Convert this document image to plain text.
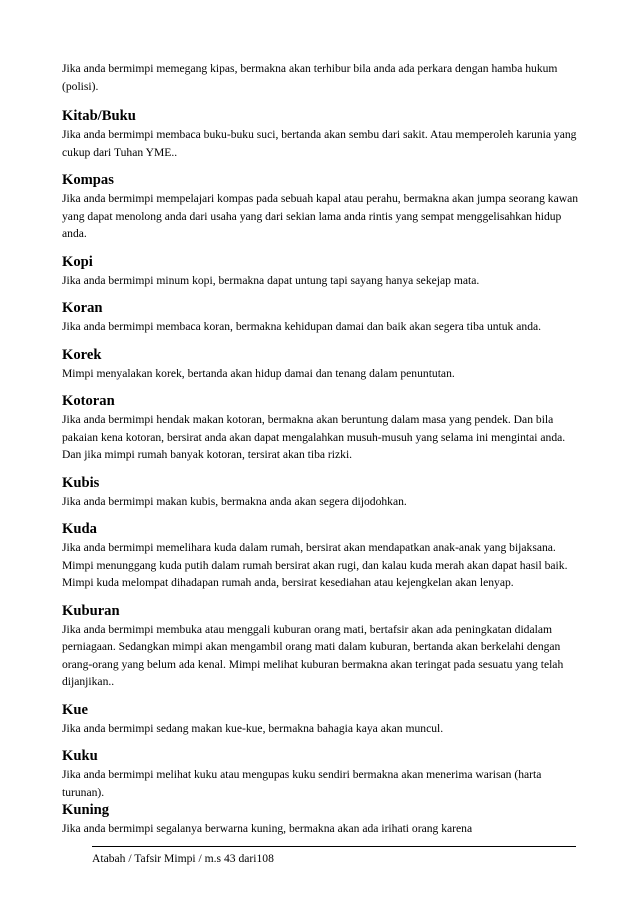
Jika anda bermimpi memegang kipas, bermakna akan terhibur bila anda ada perkara dengan hamba hukum (polisi).

Kitab/Buku

Jika anda bermimpi membaca buku-buku suci, bertanda akan sembu dari sakit. Atau memperoleh karunia yang cukup dari Tuhan YME..

Kompas

Jika anda bermimpi mempelajari kompas pada sebuah kapal atau perahu, bermakna akan jumpa seorang kawan yang dapat menolong anda dari usaha yang dari sekian lama anda rintis yang sempat menggelisahkan hidup anda.

Kopi

Jika anda bermimpi minum kopi, bermakna dapat untung tapi sayang hanya sekejap mata.

Koran

Jika anda bermimpi membaca koran, bermakna kehidupan damai dan baik akan segera tiba untuk anda.

Korek

Mimpi menyalakan korek, bertanda akan hidup damai dan tenang dalam penuntutan.

Kotoran

Jika anda bermimpi hendak makan kotoran, bermakna akan beruntung dalam masa yang pendek. Dan bila pakaian kena kotoran, bersirat anda akan dapat mengalahkan musuh-musuh yang selama ini mengintai anda. Dan jika mimpi rumah banyak kotoran, tersirat akan tiba rizki.

Kubis

Jika anda bermimpi makan kubis, bermakna anda akan segera dijodohkan.

Kuda

Jika anda bermimpi memelihara kuda dalam rumah, bersirat akan mendapatkan anak-anak yang bijaksana. Mimpi menunggang kuda putih dalam rumah bersirat akan rugi, dan kalau kuda merah akan dapat hasil baik. Mimpi kuda melompat dihadapan rumah anda, bersirat kesediahan atau kejengkelan akan lenyap.

Kuburan

Jika anda bermimpi membuka atau menggali kuburan orang mati, bertafsir akan ada peningkatan didalam perniagaan. Sedangkan mimpi akan mengambil orang mati dalam kuburan, bertanda akan berkelahi dengan orang-orang yang belum ada kenal. Mimpi melihat kuburan bermakna akan teringat pada sesuatu yang telah dijanjikan..

Kue

Jika anda bermimpi sedang makan kue-kue, bermakna bahagia kaya akan muncul.

Kuku

Jika anda bermimpi melihat kuku atau mengupas kuku sendiri bermakna akan menerima warisan (harta turunan).

Kuning

Jika anda bermimpi segalanya berwarna kuning, bermakna akan ada irihati orang karena

Atabah / Tafsir Mimpi / m.s 43 dari108
